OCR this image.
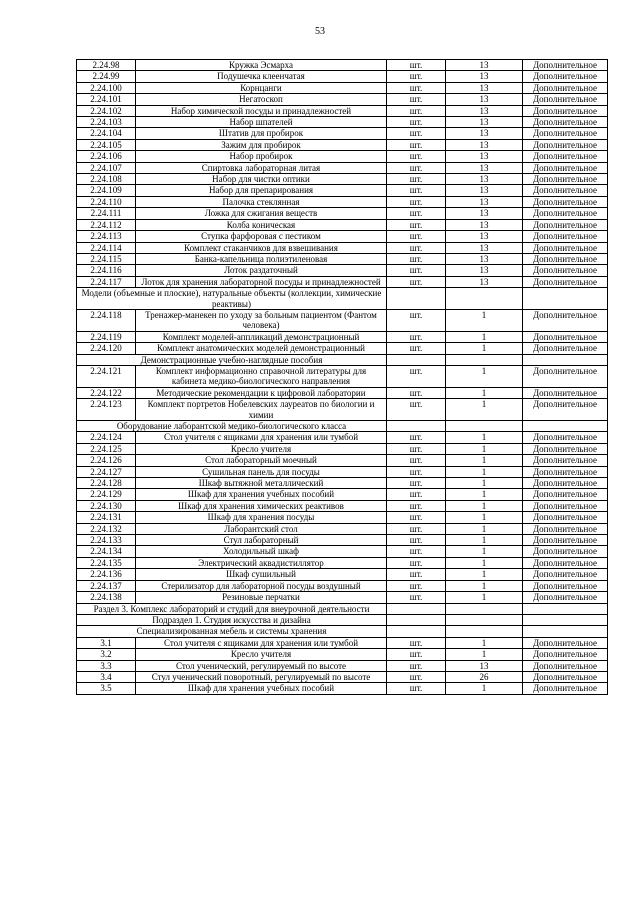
53
2.24.98	Кружка Эсмарха	шт.	13	Дополнительное
2.24.99	Подушечка клеенчатая	шт.	13	Дополнительное
2.24.100	Корнцанги	шт.	13	Дополнительное
2.24.101	Негатоскоп	шт.	13	Дополнительное
2.24.102	Набор химической посуды и принадлежностей	шт.	13	Дополнительное
2.24.103	Набор шпателей	шт.	13	Дополнительное
2.24.104	Штатив для пробирок	шт.	13	Дополнительное
2.24.105	Зажим для пробирок	шт.	13	Дополнительное
2.24.106	Набор пробирок	шт.	13	Дополнительное
2.24.107	Спиртовка лабораторная литая	шт.	13	Дополнительное
2.24.108	Набор для чистки оптики	шт.	13	Дополнительное
2.24.109	Набор для препарирования	шт.	13	Дополнительное
2.24.110	Палочка стеклянная	шт.	13	Дополнительное
2.24.111	Ложка для сжигания веществ	шт.	13	Дополнительное
2.24.112	Колба коническая	шт.	13	Дополнительное
2.24.113	Ступка фарфоровая с пестиком	шт.	13	Дополнительное
2.24.114	Комплект стаканчиков для взвешивания	шт.	13	Дополнительное
2.24.115	Банка-капельница полиэтиленовая	шт.	13	Дополнительное
2.24.116	Лоток раздаточный	шт.	13	Дополнительное
2.24.117	Лоток для хранения лабораторной посуды и принадлежностей	шт.	13	Дополнительное
Модели (объемные и плоские), натуральные объекты (коллекции, химические реактивы)				
2.24.118	Тренажер-манекен по уходу за больным пациентом (Фантом человека)	шт.	1	Дополнительное
2.24.119	Комплект моделей-аппликаций демонстрационный	шт.	1	Дополнительное
2.24.120	Комплект анатомических моделей демонстрационный	шт.	1	Дополнительное
Демонстрационные учебно-наглядные пособия				
2.24.121	Комплект информационно справочной литературы для кабинета медико-биологического направления	шт.	1	Дополнительное
2.24.122	Методические рекомендации к цифровой лаборатории	шт.	1	Дополнительное
2.24.123	Комплект портретов Нобелевских лауреатов по биологии и химии	шт.	1	Дополнительное
Оборудование лаборантской медико-биологического класса				
2.24.124	Стол учителя с ящиками для хранения или тумбой	шт.	1	Дополнительное
2.24.125	Кресло учителя	шт.	1	Дополнительное
2.24.126	Стол лабораторный моечный	шт.	1	Дополнительное
2.24.127	Сушильная панель для посуды	шт.	1	Дополнительное
2.24.128	Шкаф вытяжной металлический	шт.	1	Дополнительное
2.24.129	Шкаф для хранения учебных пособий	шт.	1	Дополнительное
2.24.130	Шкаф для хранения химических реактивов	шт.	1	Дополнительное
2.24.131	Шкаф для хранения посуды	шт.	1	Дополнительное
2.24.132	Лаборантский стол	шт.	1	Дополнительное
2.24.133	Стул лабораторный	шт.	1	Дополнительное
2.24.134	Холодильный шкаф	шт.	1	Дополнительное
2.24.135	Электрический аквадистиллятор	шт.	1	Дополнительное
2.24.136	Шкаф сушильный	шт.	1	Дополнительное
2.24.137	Стерилизатор для лабораторной посуды воздушный	шт.	1	Дополнительное
2.24.138	Резиновые перчатки	шт.	1	Дополнительное
Раздел 3. Комплекс лабораторий и студий для внеурочной деятельности				
Подраздел 1. Студия искусства и дизайна				
Специализированная мебель и системы хранения				
3.1	Стол учителя с ящиками для хранения или тумбой	шт.	1	Дополнительное
3.2	Кресло учителя	шт.	1	Дополнительное
3.3	Стол ученический, регулируемый по высоте	шт.	13	Дополнительное
3.4	Стул ученический поворотный, регулируемый по высоте	шт.	26	Дополнительное
3.5	Шкаф для хранения учебных пособий	шт.	1	Дополнительное
